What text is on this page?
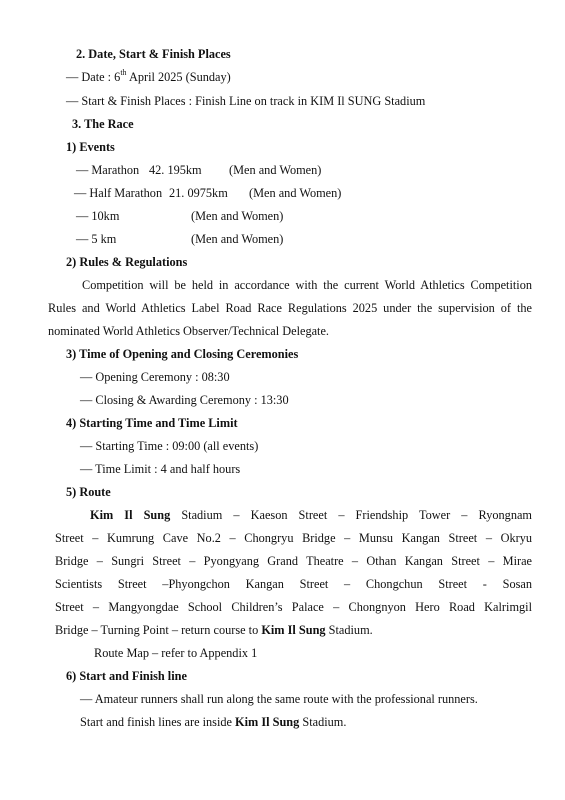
2. Date, Start & Finish Places
— Date : 6th April 2025 (Sunday)
— Start & Finish Places : Finish Line on track in KIM Il SUNG Stadium
3. The Race
1) Events
— Marathon 42. 195km (Men and Women)
— Half Marathon 21. 0975km (Men and Women)
— 10km	(Men and Women)
— 5 km	(Men and Women)
2) Rules & Regulations
Competition will be held in accordance with the current World Athletics Competition
Rules and World Athletics Label Road Race Regulations 2025 under the supervision of the
nominated World Athletics Observer/Technical Delegate.
3) Time of Opening and Closing Ceremonies
— Opening Ceremony : 08:30
— Closing & Awarding Ceremony : 13:30
4) Starting Time and Time Limit
— Starting Time : 09:00 (all events)
— Time Limit : 4 and half hours
5) Route
Kim Il Sung Stadium – Kaeson Street – Friendship Tower – Ryongnam
Street – Kumrung Cave No.2 – Chongryu Bridge – Munsu Kangan Street – Okryu
Bridge – Sungri Street – Pyongyang Grand Theatre – Othan Kangan Street – Mirae
Scientists Street –Phyongchon Kangan Street – Chongchun Street - Sosan
Street – Mangyongdae School Children’s Palace – Chongnyon Hero Road Kalrimgil
Bridge – Turning Point – return course to Kim Il Sung Stadium.
Route Map – refer to Appendix 1
6) Start and Finish line
— Amateur runners shall run along the same route with the professional runners.
Start and finish lines are inside Kim Il Sung Stadium.
